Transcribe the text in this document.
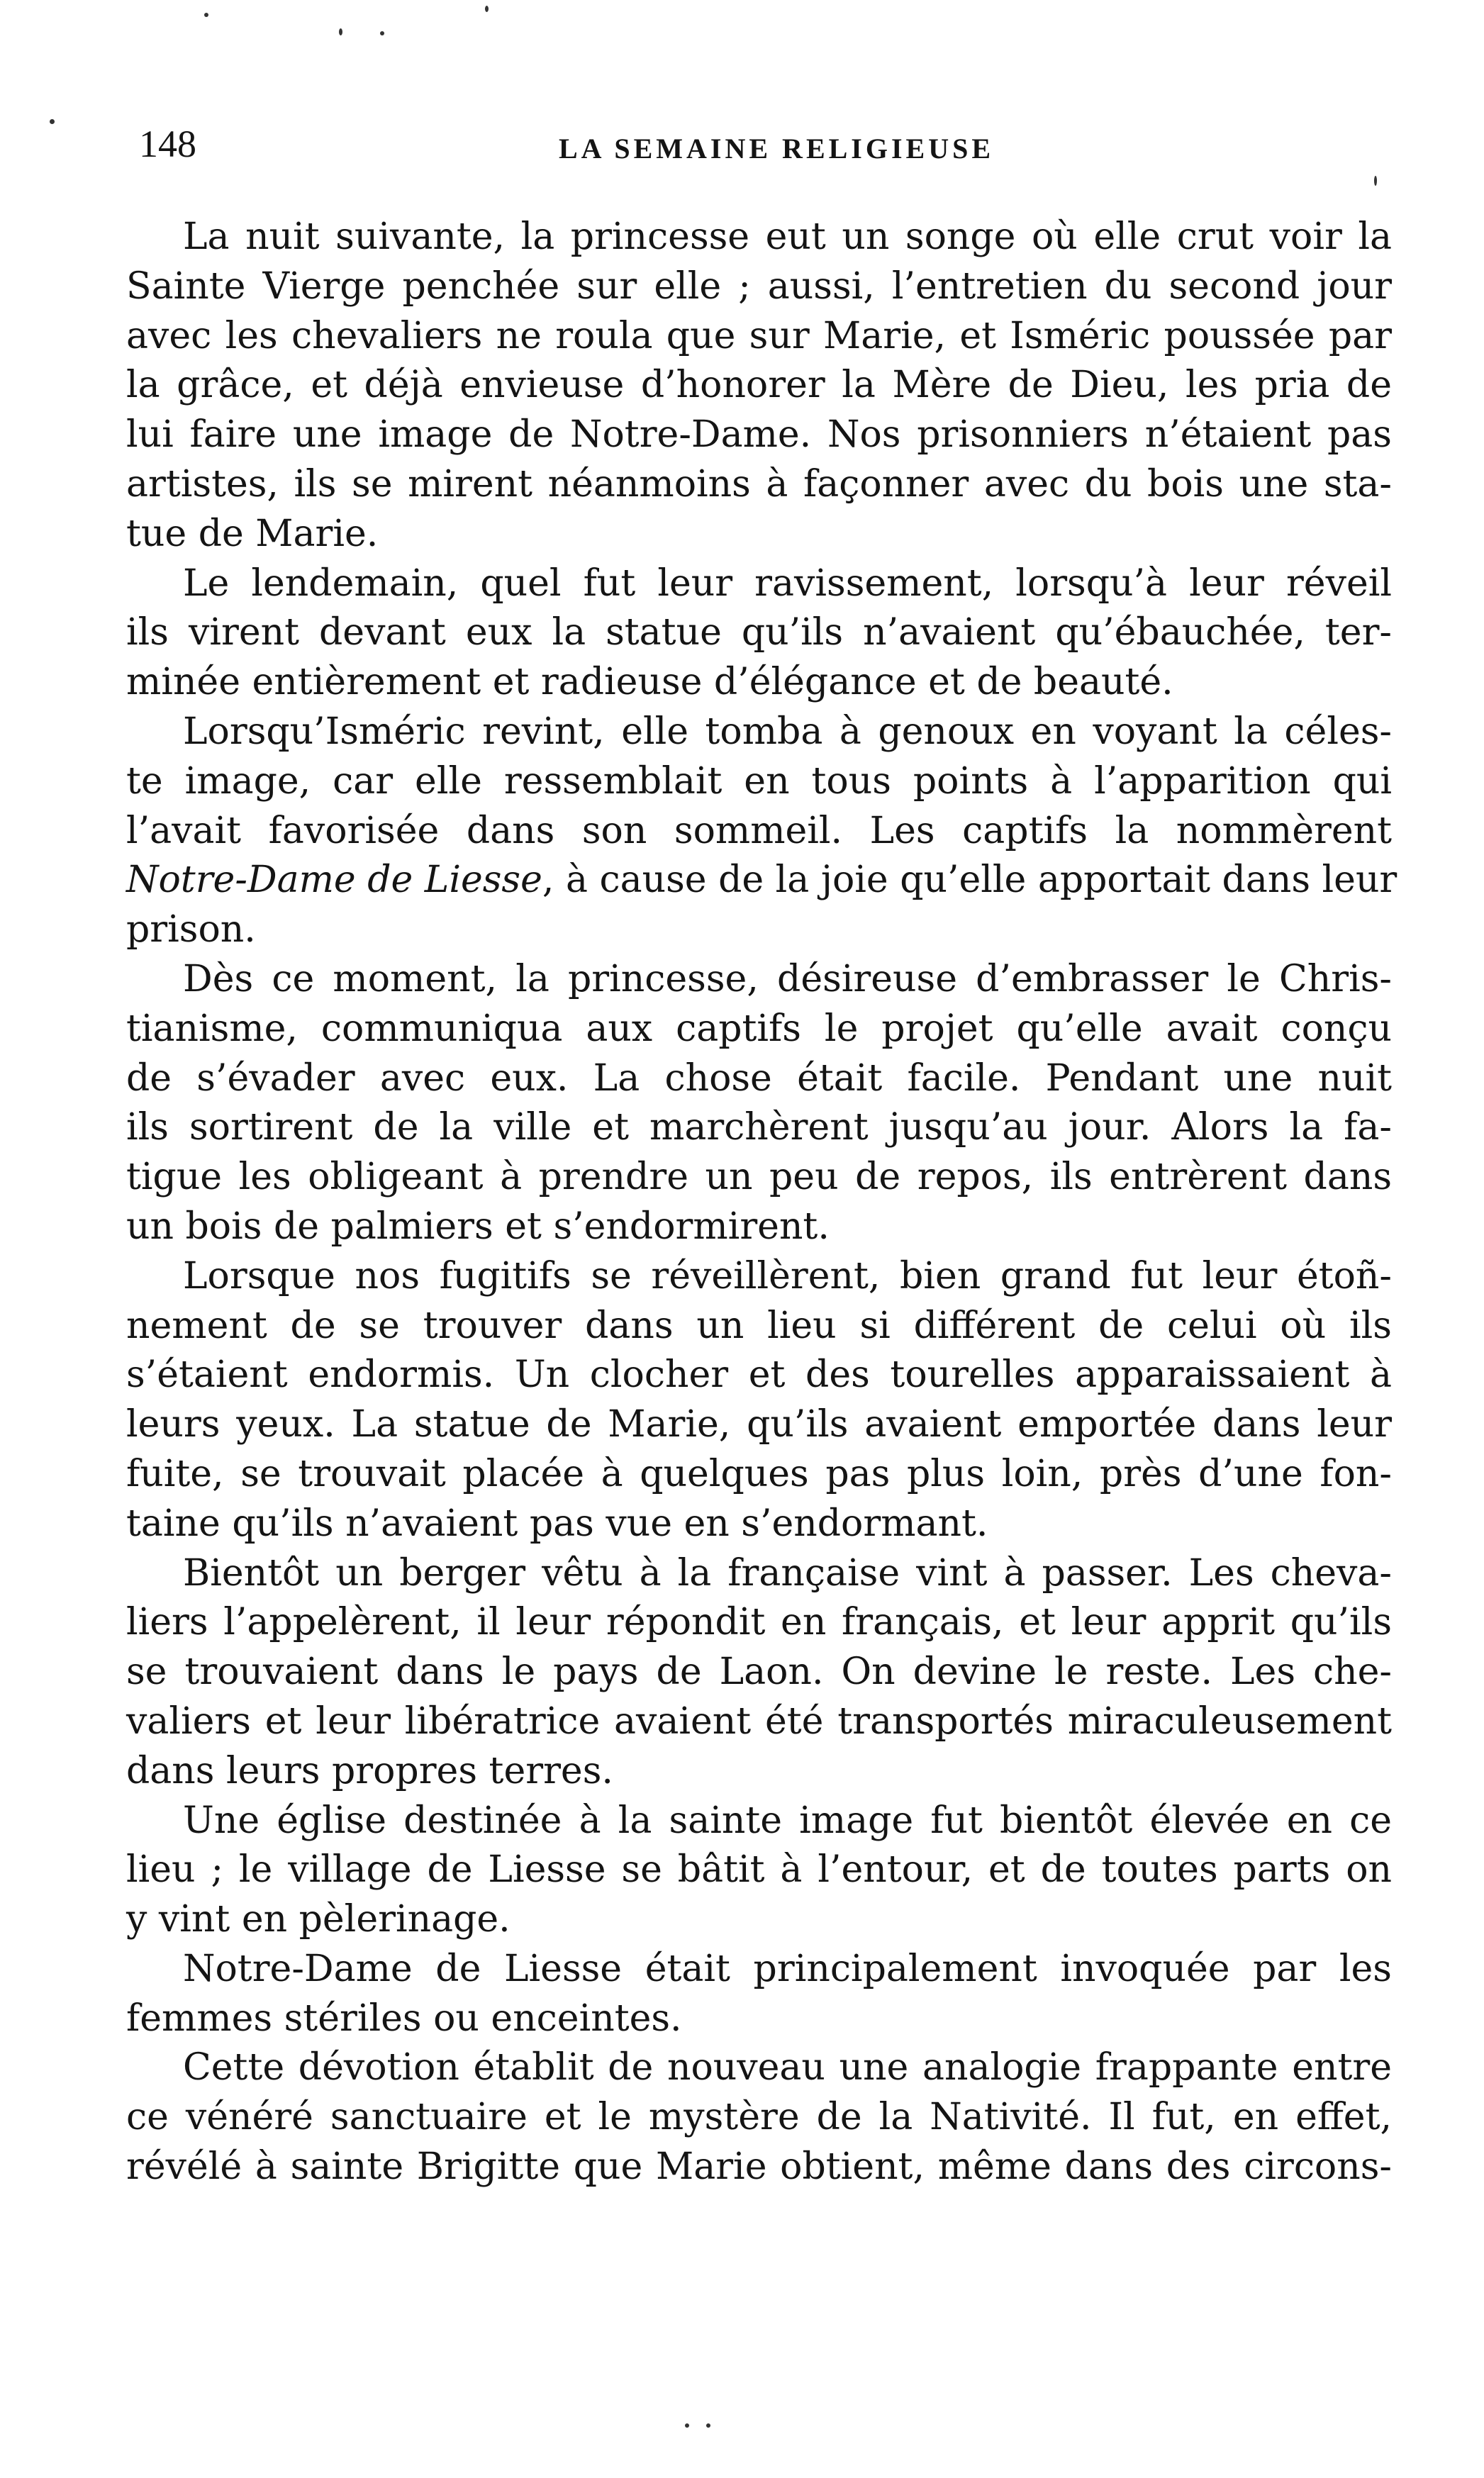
148	LA SEMAINE RELIGIEUSE
La nuit suivante, la princesse eut un songe où elle crut voir la
Sainte Vierge penchée sur elle ; aussi, l’entretien du second jour
avec les chevaliers ne roula que sur Marie, et Isméric poussée par
la grâce, et déjà envieuse d’honorer la Mère de Dieu, les pria de
lui faire une image de Notre-Dame. Nos prisonniers n’étaient pas
artistes, ils se mirent néanmoins à façonner avec du bois une sta-
tue de Marie.
Le lendemain, quel fut leur ravissement, lorsqu’à leur réveil
ils virent devant eux la statue qu’ils n’avaient qu’ébauchée, ter-
minée entièrement et radieuse d’élégance et de beauté.
Lorsqu’Isméric revint, elle tomba à genoux en voyant la céles-
te image, car elle ressemblait en tous points à l’apparition qui
l’avait favorisée dans son sommeil. Les captifs la nommèrent
Notre-Dame de Liesse, à cause de la joie qu’elle apportait dans leur
prison.
Dès ce moment, la princesse, désireuse d’embrasser le Chris-
tianisme, communiqua aux captifs le projet qu’elle avait conçu
de s’évader avec eux. La chose était facile. Pendant une nuit
ils sortirent de la ville et marchèrent jusqu’au jour. Alors la fa-
tigue les obligeant à prendre un peu de repos, ils entrèrent dans
un bois de palmiers et s’endormirent.
Lorsque nos fugitifs se réveillèrent, bien grand fut leur étoñ-
nement de se trouver dans un lieu si différent de celui où ils
s’étaient endormis. Un clocher et des tourelles apparaissaient à
leurs yeux. La statue de Marie, qu’ils avaient emportée dans leur
fuite, se trouvait placée à quelques pas plus loin, près d’une fon-
taine qu’ils n’avaient pas vue en s’endormant.
Bientôt un berger vêtu à la française vint à passer. Les cheva-
liers l’appelèrent, il leur répondit en français, et leur apprit qu’ils
se trouvaient dans le pays de Laon. On devine le reste. Les che-
valiers et leur libératrice avaient été transportés miraculeusement
dans leurs propres terres.
Une église destinée à la sainte image fut bientôt élevée en ce
lieu ; le village de Liesse se bâtit à l’entour, et de toutes parts on
y vint en pèlerinage.
Notre-Dame de Liesse était principalement invoquée par les
femmes stériles ou enceintes.
Cette dévotion établit de nouveau une analogie frappante entre
ce vénéré sanctuaire et le mystère de la Nativité. Il fut, en effet,
révélé à sainte Brigitte que Marie obtient, même dans des circons-
